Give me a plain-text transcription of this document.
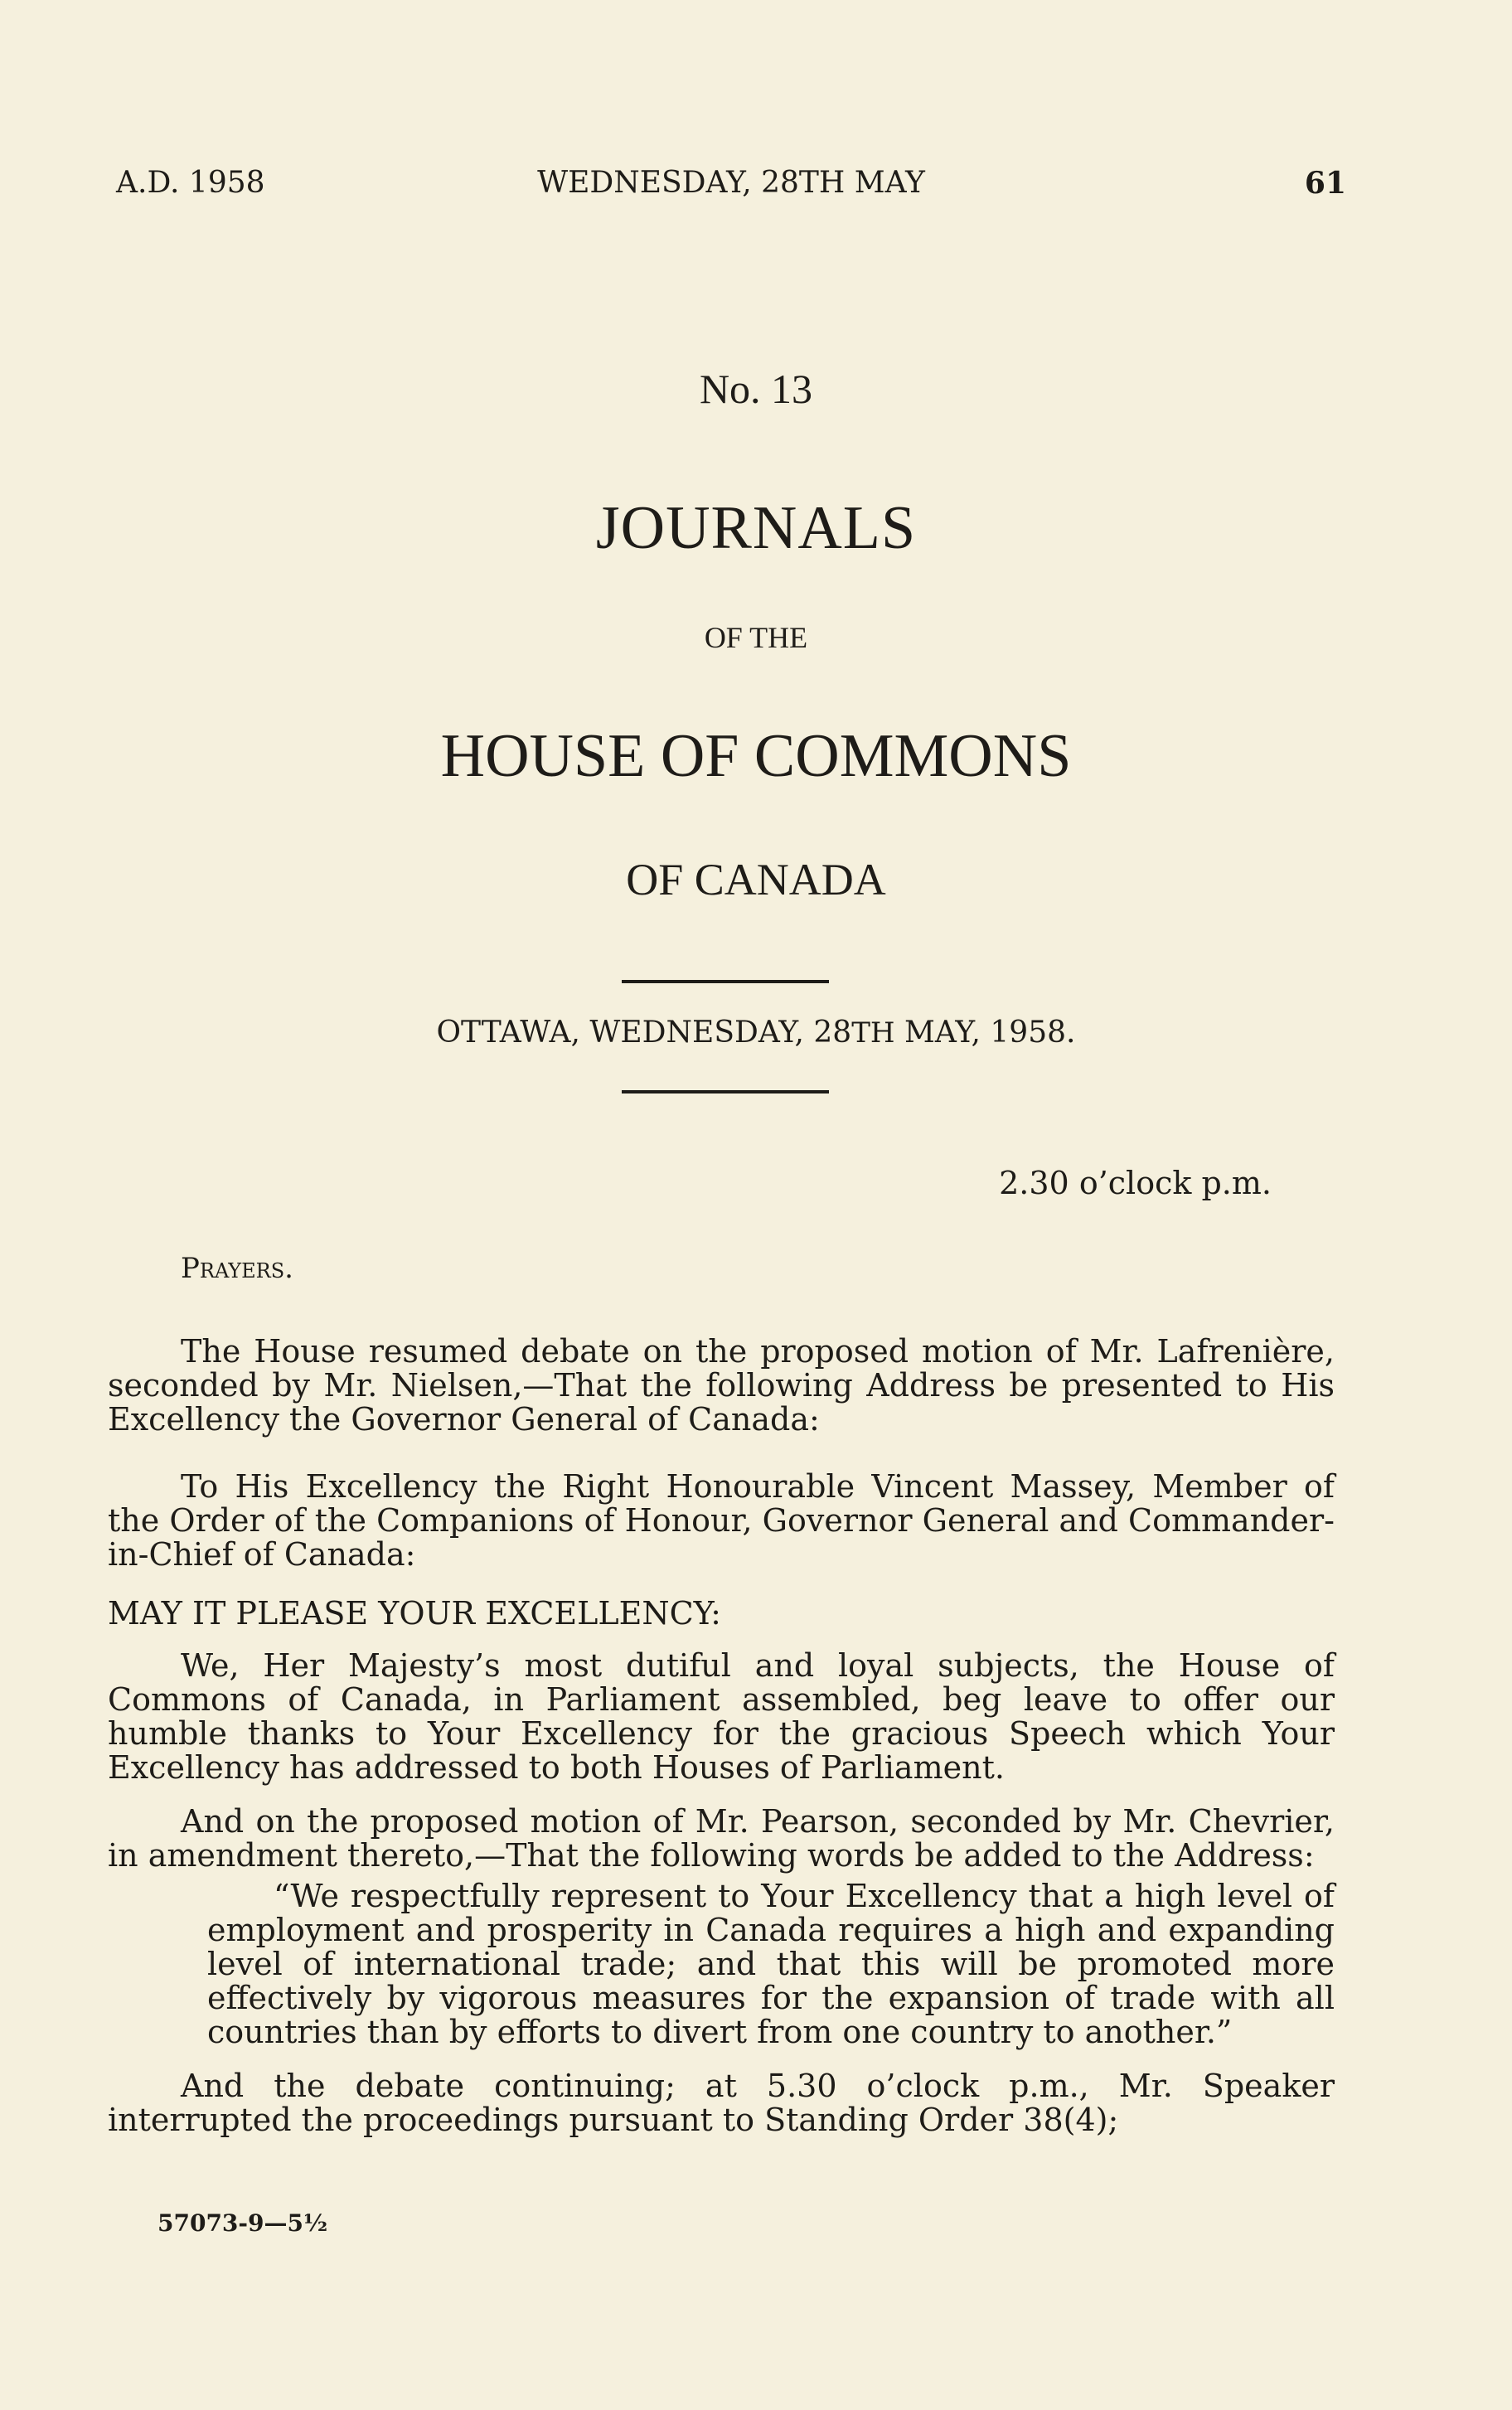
A.D. 1958	WEDNESDAY, 28TH MAY	61
No. 13
JOURNALS
OF THE
HOUSE OF COMMONS
OF CANADA
OTTAWA, WEDNESDAY, 28TH MAY, 1958.
2.30 o’clock p.m.
Prayers.

The House resumed debate on the proposed motion of Mr. Lafrenière, seconded by Mr. Nielsen,—That the following Address be presented to His Excellency the Governor General of Canada:

To His Excellency the Right Honourable Vincent Massey, Member of the Order of the Companions of Honour, Governor General and Commander-in-Chief of Canada:

MAY IT PLEASE YOUR EXCELLENCY:

We, Her Majesty’s most dutiful and loyal subjects, the House of Commons of Canada, in Parliament assembled, beg leave to offer our humble thanks to Your Excellency for the gracious Speech which Your Excellency has addressed to both Houses of Parliament.

And on the proposed motion of Mr. Pearson, seconded by Mr. Chevrier, in amendment thereto,—That the following words be added to the Address:

“We respectfully represent to Your Excellency that a high level of employment and prosperity in Canada requires a high and expanding level of international trade; and that this will be promoted more effectively by vigorous measures for the expansion of trade with all countries than by efforts to divert from one country to another.”

And the debate continuing; at 5.30 o’clock p.m., Mr. Speaker interrupted the proceedings pursuant to Standing Order 38(4);

57073-9—5½
